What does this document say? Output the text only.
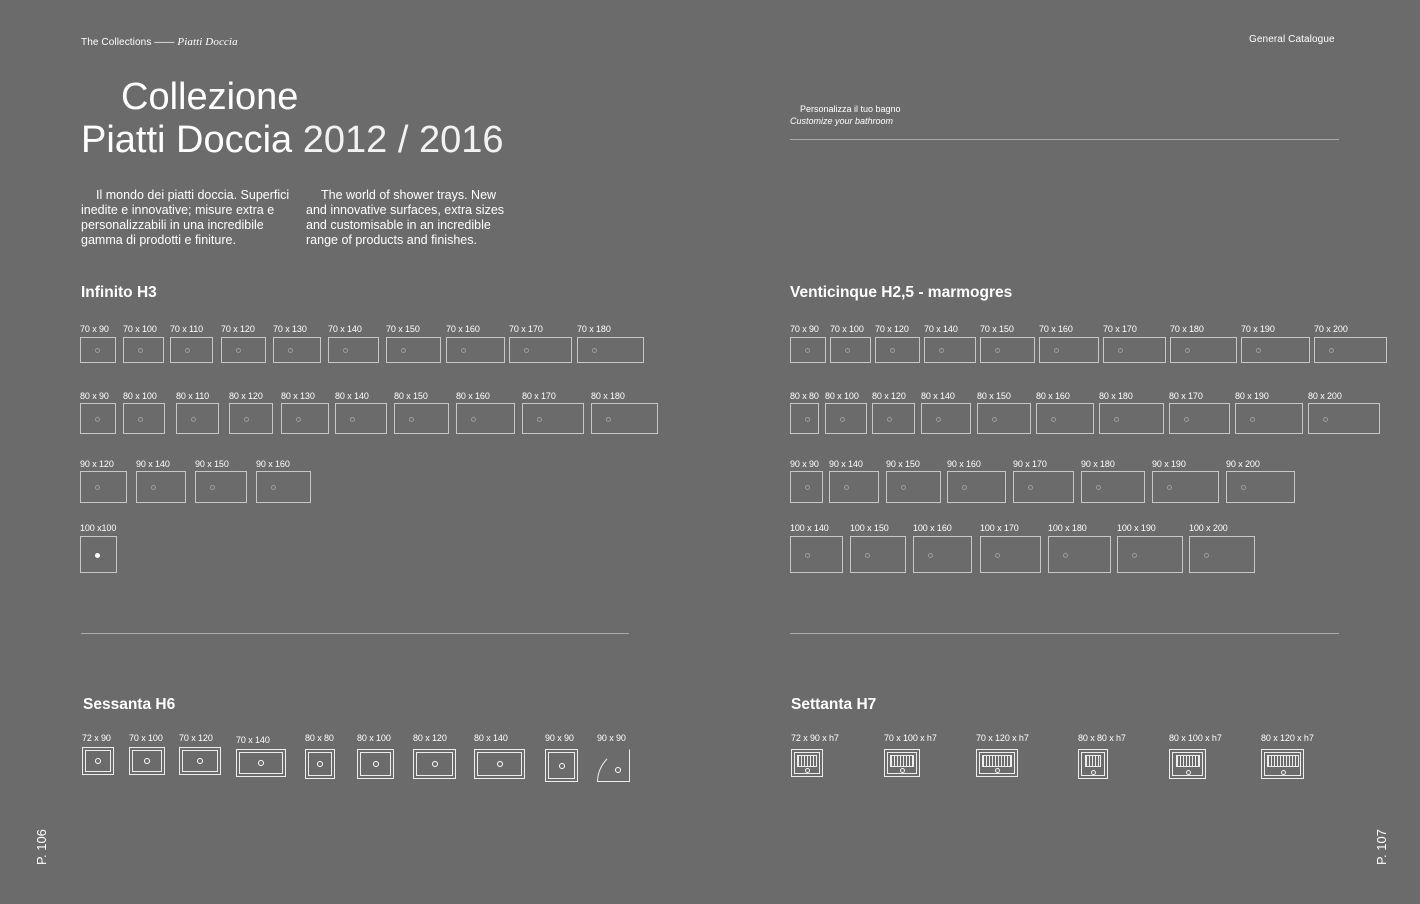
The Collections —— Piatti Doccia	General Catalogue
Collezione
Piatti Doccia 2012 / 2016
Il mondo dei piatti doccia. Superfici inedite e innovative; misure extra e personalizzabili in una incredibile gamma di prodotti e finiture.
The world of shower trays. New and innovative surfaces, extra sizes and customisable in an incredible range of products and finishes.
Personalizza il tuo bagno
Customize your bathroom
Infinito H3	Venticinque H2,5 - marmogres
70 x 90 70 x 100 70 x 110 70 x 120 70 x 130 70 x 140	70 x 150	70 x 160	70 x 170	70 x 180
80 x 90 80 x 100 80 x 110 80 x 120 80 x 130 80 x 140	80 x 150	80 x 160	80 x 170	80 x 180
90 x 120 90 x 140	90 x 150	90 x 160
100 x100
70 x 90 70 x 100 70 x 120 70 x 140 70 x 150	70 x 160	70 x 170	70 x 180	70 x 190	70 x 200
80 x 80 80 x 100 80 x 120 80 x 140 80 x 150	80 x 160	80 x 180	80 x 170	80 x 190	80 x 200
90 x 90 90 x 140	90 x 150	90 x 160	90 x 170	90 x 180	90 x 190	90 x 200
100 x 140 100 x 150	100 x 160	100 x 170	100 x 180	100 x 190	100 x 200
Sessanta H6	Settanta H7
72 x 90 70 x 100 70 x 120	70 x 140	80 x 80	80 x 100 80 x 120	80 x 140	90 x 90	90 x 90	72 x 90 x h7	70 x 100 x h7	70 x 120 x h7	80 x 80 x h7	80 x 100 x h7	80 x 120 x h7
P. 106	P. 107
